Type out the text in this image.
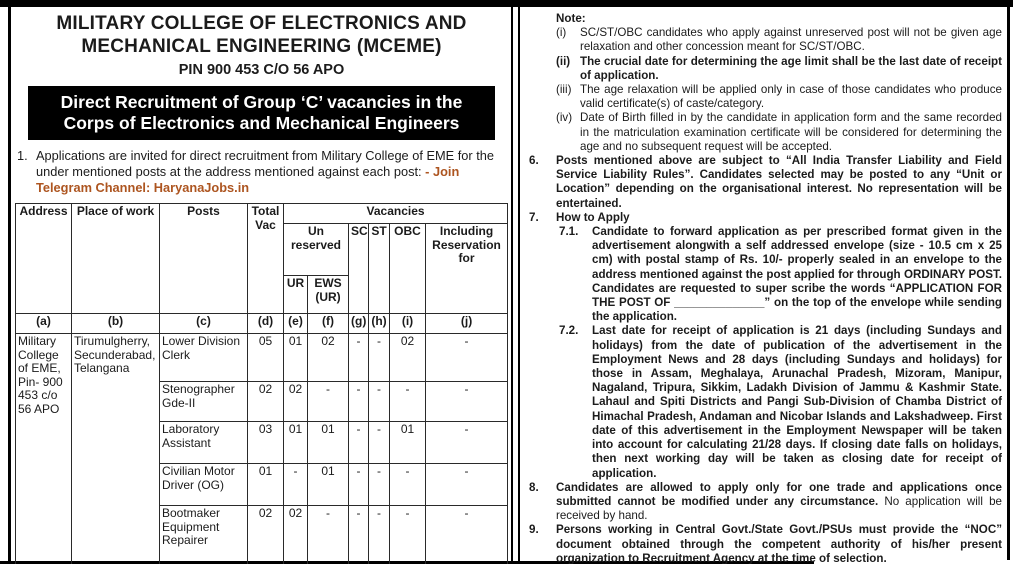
MILITARY COLLEGE OF ELECTRONICS AND MECHANICAL ENGINEERING (MCEME)
PIN 900 453 C/O 56 APO
Direct Recruitment of Group ‘C’ vacancies in the Corps of Electronics and Mechanical Engineers
1. Applications are invited for direct recruitment from Military College of EME for the under mentioned posts at the address mentioned against each post: - Join Telegram Channel: HaryanaJobs.in
Address	Place of work	Posts	Total Vac	Vacancies					
				Un reserved		SC	ST	OBC	Including Reservation for
				UR	EWS (UR)				
(a)	(b)	(c)	(d)	(e)	(f)	(g)	(h)	(i)	(j)
Military College of EME, Pin- 900 453 c/o 56 APO	Tirumulgherry, Secunderabad, Telangana	Lower Division Clerk	05	01	02	-	-	02	-
		Stenographer Gde-II	02	02	-	-	-	-	-
		Laboratory Assistant	03	01	01	-	-	01	-
		Civilian Motor Driver (OG)	01	-	01	-	-	-	-
		Bootmaker Equipment Repairer	02	02	-	-	-	-	-
Note:
(i)	SC/ST/OBC candidates who apply against unreserved post will not be given age relaxation and other concession meant for SC/ST/OBC.
(ii) The crucial date for determining the age limit shall be the last date of receipt of application.
(iii) The age relaxation will be applied only in case of those candidates who produce valid certificate(s) of caste/category.
(iv) Date of Birth filled in by the candidate in application form and the same recorded in the matriculation examination certificate will be considered for determining the age and no subsequent request will be accepted.
6.	Posts mentioned above are subject to “All India Transfer Liability and Field Service Liability Rules”. Candidates selected may be posted to any “Unit or Location” depending on the organisational interest. No representation will be entertained.
7.	How to Apply
7.1.	Candidate to forward application as per prescribed format given in the advertisement alongwith a self addressed envelope (size - 10.5 cm x 25 cm) with postal stamp of Rs. 10/- properly sealed in an envelope to the address mentioned against the post applied for through ORDINARY POST. Candidates are requested to super scribe the words “APPLICATION FOR THE POST OF ______________” on the top of the envelope while sending the application.
7.2.	Last date for receipt of application is 21 days (including Sundays and holidays) from the date of publication of the advertisement in the Employment News and 28 days (including Sundays and holidays) for those in Assam, Meghalaya, Arunachal Pradesh, Mizoram, Manipur, Nagaland, Tripura, Sikkim, Ladakh Division of Jammu & Kashmir State. Lahaul and Spiti Districts and Pangi Sub-Division of Chamba District of Himachal Pradesh, Andaman and Nicobar Islands and Lakshadweep. First date of this advertisement in the Employment Newspaper will be taken into account for calculating 21/28 days. If closing date falls on holidays, then next working day will be taken as closing date for receipt of application.
8.	Candidates are allowed to apply only for one trade and applications once submitted cannot be modified under any circumstance. No application will be received by hand.
9.	Persons working in Central Govt./State Govt./PSUs must provide the “NOC” document obtained through the competent authority of his/her present organization to Recruitment Agency at the time of selection.
